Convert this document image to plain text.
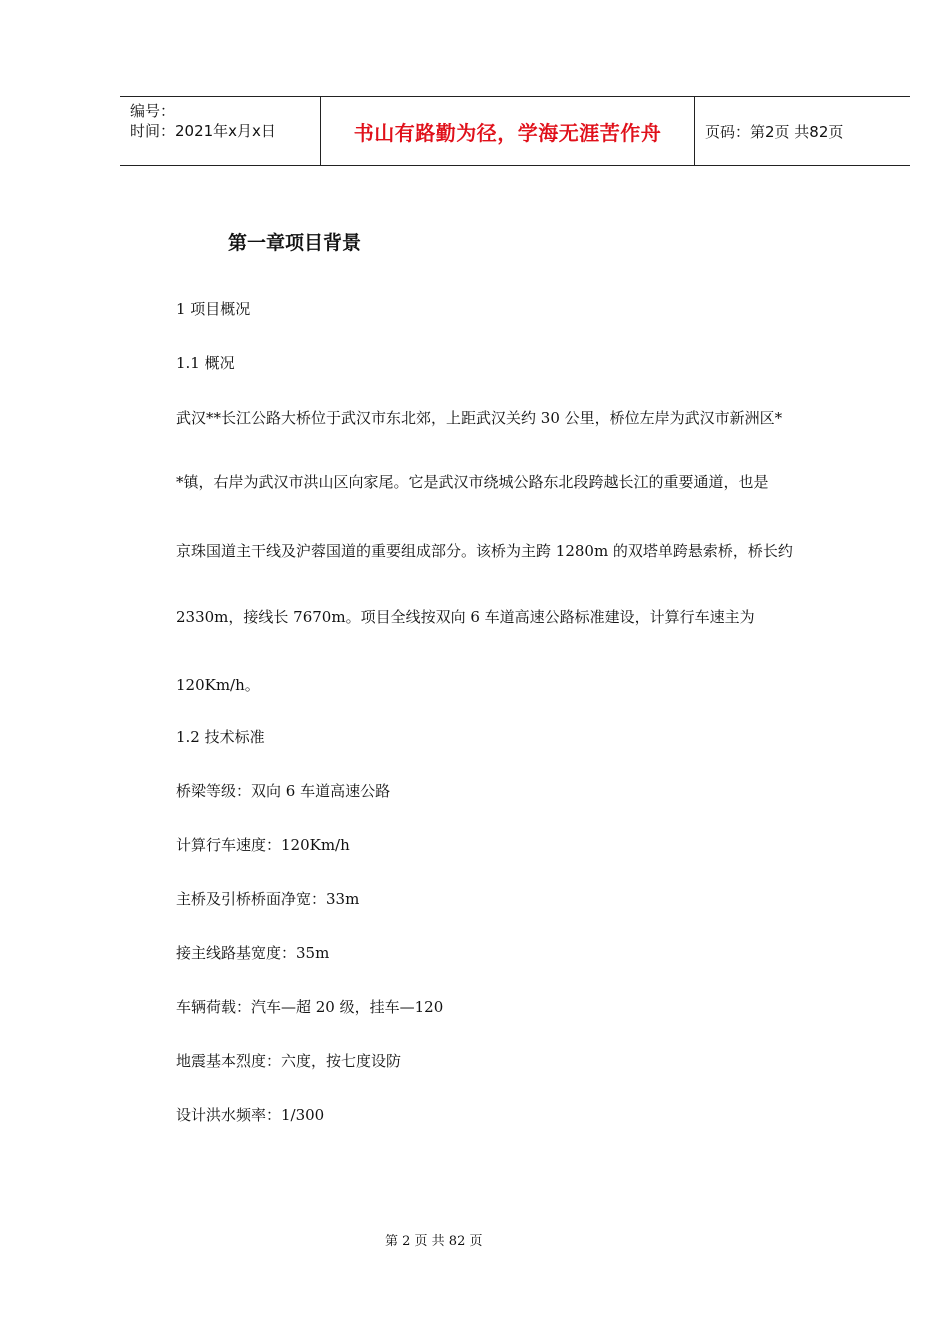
编号：
时间：2021年x月x日	书山有路勤为径，学海无涯苦作舟	页码：第2页 共82页
第一章项目背景
1 项目概况
1.1 概况
武汉**长江公路大桥位于武汉市东北郊，上距武汉关约 30 公里，桥位左岸为武汉市新洲区*
*镇，右岸为武汉市洪山区向家尾。它是武汉市绕城公路东北段跨越长江的重要通道，也是
京珠国道主干线及沪蓉国道的重要组成部分。该桥为主跨 1280m 的双塔单跨悬索桥，桥长约
2330m，接线长 7670m。项目全线按双向 6 车道高速公路标准建设，计算行车速主为
120Km/h。
1.2 技术标准
桥梁等级：双向 6 车道高速公路
计算行车速度：120Km/h
主桥及引桥桥面净宽：33m
接主线路基宽度：35m
车辆荷载：汽车—超 20 级，挂车—120
地震基本烈度：六度，按七度设防
设计洪水频率：1/300
第 2 页 共 82 页
